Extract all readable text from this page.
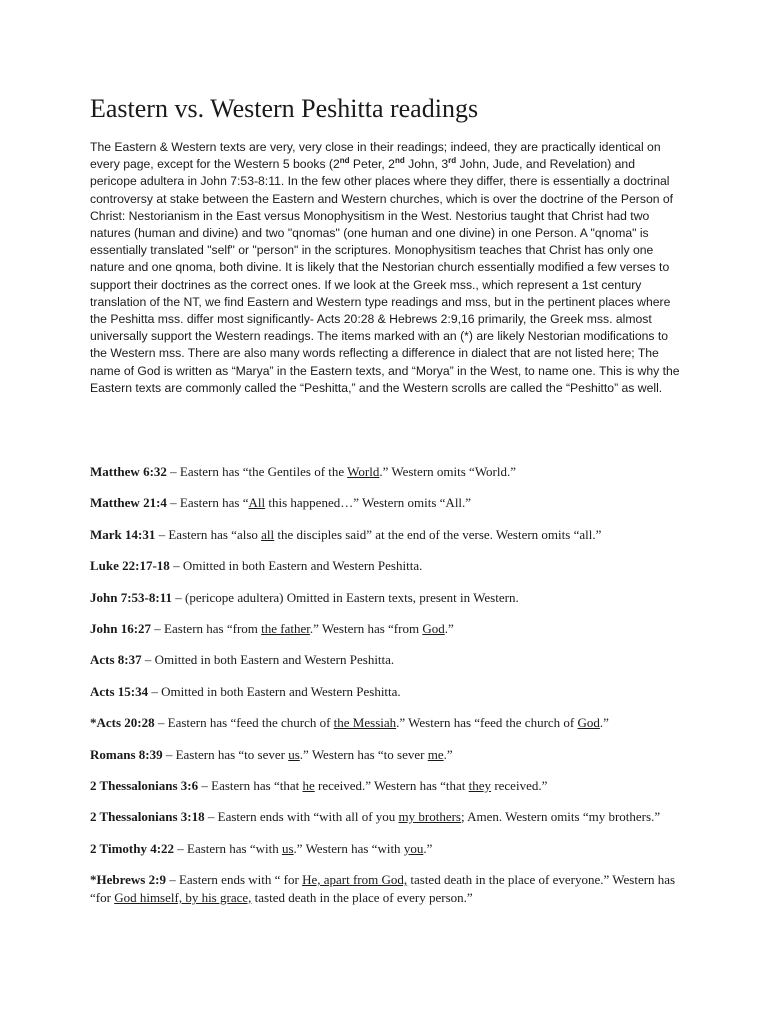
Eastern vs. Western Peshitta readings

The Eastern & Western texts are very, very close in their readings; indeed, they are practically identical on every page, except for the Western 5 books (2nd Peter, 2nd John, 3rd John, Jude, and Revelation) and pericope adultera in John 7:53-8:11. In the few other places where they differ, there is essentially a doctrinal controversy at stake between the Eastern and Western churches, which is over the doctrine of the Person of Christ: Nestorianism in the East versus Monophysitism in the West. Nestorius taught that Christ had two natures (human and divine) and two "qnomas" (one human and one divine) in one Person. A "qnoma" is essentially translated "self" or "person" in the scriptures. Monophysitism teaches that Christ has only one nature and one qnoma, both divine. It is likely that the Nestorian church essentially modified a few verses to support their doctrines as the correct ones. If we look at the Greek mss., which represent a 1st century translation of the NT, we find Eastern and Western type readings and mss, but in the pertinent places where the Peshitta mss. differ most significantly- Acts 20:28 & Hebrews 2:9,16 primarily, the Greek mss. almost universally support the Western readings. The items marked with an (*) are likely Nestorian modifications to the Western mss. There are also many words reflecting a difference in dialect that are not listed here; The name of God is written as “Marya” in the Eastern texts, and “Morya” in the West, to name one. This is why the Eastern texts are commonly called the “Peshitta,” and the Western scrolls are called the “Peshitto” as well.

Matthew 6:32 – Eastern has “the Gentiles of the World.” Western omits “World.”

Matthew 21:4 – Eastern has “All this happened…” Western omits “All.”

Mark 14:31 – Eastern has “also all the disciples said” at the end of the verse. Western omits “all.”

Luke 22:17-18 – Omitted in both Eastern and Western Peshitta.

John 7:53-8:11 – (pericope adultera) Omitted in Eastern texts, present in Western.

John 16:27 – Eastern has “from the father.” Western has “from God.”

Acts 8:37 – Omitted in both Eastern and Western Peshitta.

Acts 15:34 – Omitted in both Eastern and Western Peshitta.

*Acts 20:28 – Eastern has “feed the church of the Messiah.” Western has “feed the church of God.”

Romans 8:39 – Eastern has “to sever us.” Western has “to sever me.”

2 Thessalonians 3:6 – Eastern has “that he received.” Western has “that they received.”

2 Thessalonians 3:18 – Eastern ends with “with all of you my brothers; Amen. Western omits “my brothers.”

2 Timothy 4:22 – Eastern has “with us.” Western has “with you.”

*Hebrews 2:9 – Eastern ends with “ for He, apart from God, tasted death in the place of everyone.” Western has “for God himself, by his grace, tasted death in the place of every person.”
